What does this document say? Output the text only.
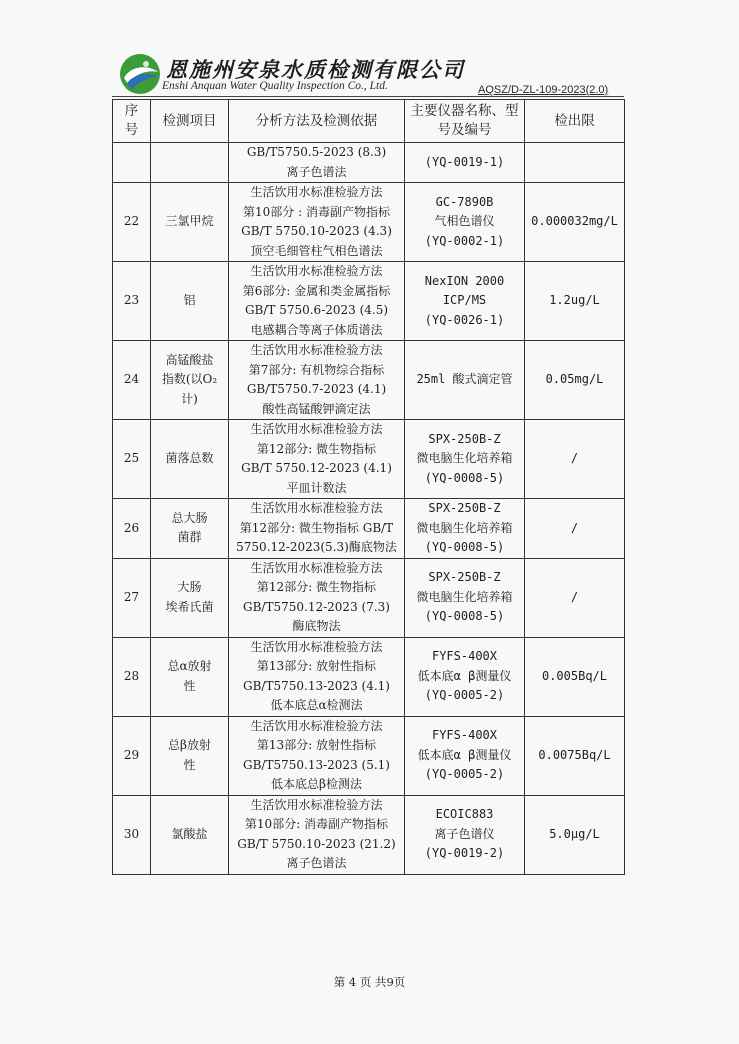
恩施州安泉水质检测有限公司
Enshi Anquan Water Quality Inspection Co., Ltd.	AQSZ/D-ZL-109-2023(2.0)
序号	检测项目	分析方法及检测依据	主要仪器名称、型号及编号	检出限

		GB/T5750.5-2023 (8.3)
离子色谱法	(YQ-0019-1)	

22	三氯甲烷	生活饮用水标准检验方法
第10部分 : 消毒副产物指标
GB/T 5750.10-2023 (4.3)
顶空毛细管柱气相色谱法	GC-7890B
气相色谱仪
(YQ-0002-1)	0.000032mg/L
23	铝	生活饮用水标准检验方法
第6部分: 金属和类金属指标
GB/T 5750.6-2023 (4.5)
电感耦合等离子体质谱法	NexION 2000
ICP/MS
(YQ-0026-1)	1.2ug/L
24	高锰酸盐
指数(以O₂
计)	生活饮用水标准检验方法
第7部分: 有机物综合指标
GB/T5750.7-2023 (4.1)
酸性高锰酸钾滴定法	25ml 酸式滴定管	0.05mg/L
25	菌落总数	生活饮用水标准检验方法
第12部分: 微生物指标
GB/T 5750.12-2023 (4.1)
平皿计数法	SPX-250B-Z
微电脑生化培养箱
(YQ-0008-5)	/
26	总大肠
菌群	生活饮用水标准检验方法
第12部分: 微生物指标 GB/T
5750.12-2023(5.3)酶底物法	SPX-250B-Z
微电脑生化培养箱
(YQ-0008-5)	/
27	大肠
埃希氏菌	生活饮用水标准检验方法
第12部分: 微生物指标
GB/T5750.12-2023 (7.3)
酶底物法	SPX-250B-Z
微电脑生化培养箱
(YQ-0008-5)	/
28	总α放射
性	生活饮用水标准检验方法
第13部分: 放射性指标
GB/T5750.13-2023 (4.1)
低本底总α检测法	FYFS-400X
低本底α β测量仪
(YQ-0005-2)	0.005Bq/L
29	总β放射
性	生活饮用水标准检验方法
第13部分: 放射性指标
GB/T5750.13-2023 (5.1)
低本底总β检测法	FYFS-400X
低本底α β测量仪
(YQ-0005-2)	0.0075Bq/L
30	氯酸盐	生活饮用水标准检验方法
第10部分: 消毒副产物指标
GB/T 5750.10-2023 (21.2)
离子色谱法	ECOIC883
离子色谱仪
(YQ-0019-2)	5.0μg/L
第 4 页 共9页
